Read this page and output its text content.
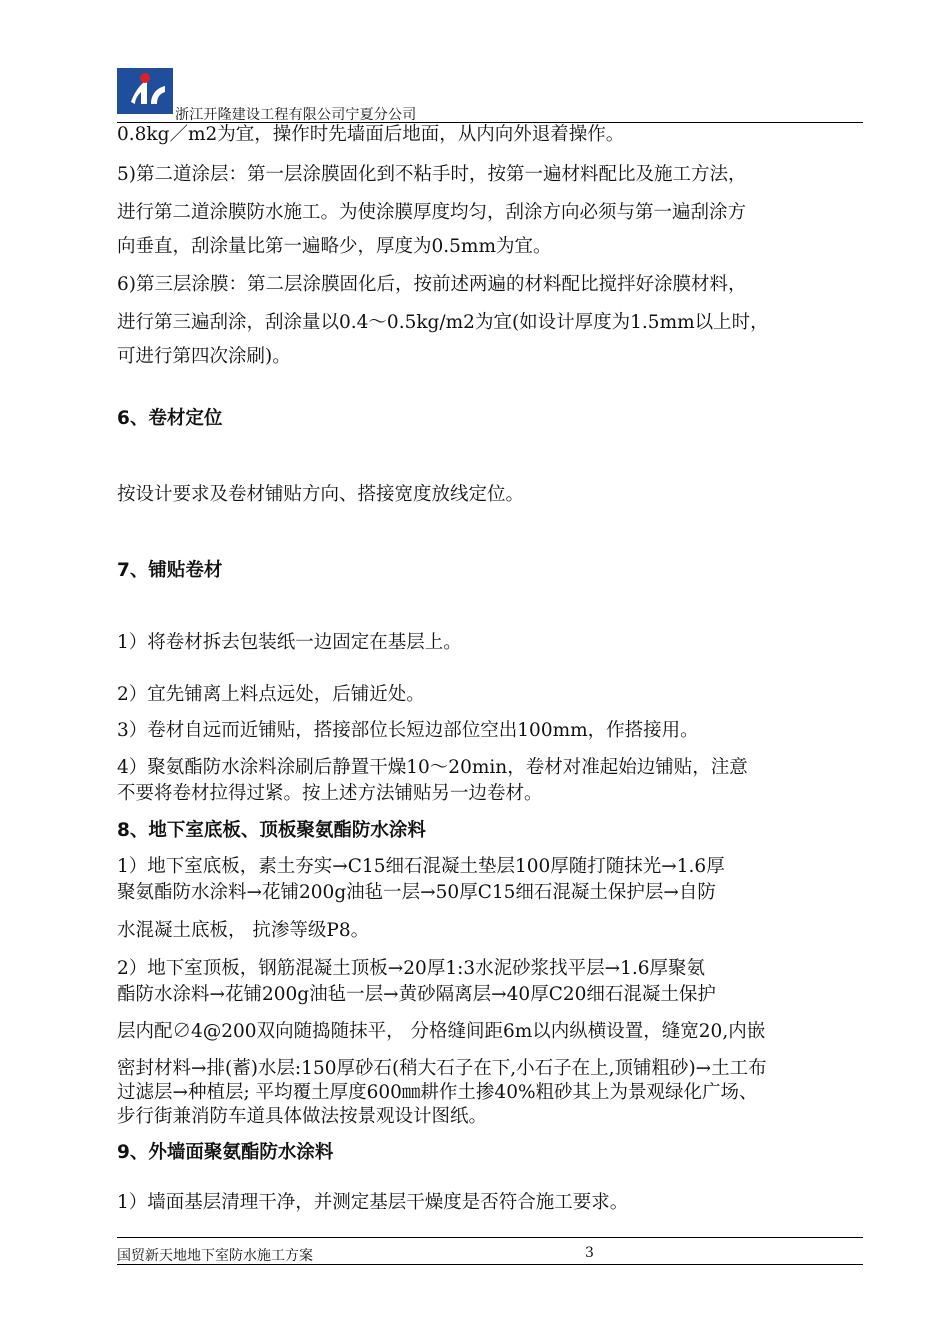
浙江开隆建设工程有限公司宁夏分公司
0.8kg／m2为宜，操作时先墙面后地面，从内向外退着操作。
5)第二道涂层：第一层涂膜固化到不粘手时，按第一遍材料配比及施工方法，
进行第二道涂膜防水施工。为使涂膜厚度均匀，刮涂方向必须与第一遍刮涂方
向垂直，刮涂量比第一遍略少，厚度为0.5mm为宜。
6)第三层涂膜：第二层涂膜固化后，按前述两遍的材料配比搅拌好涂膜材料，
进行第三遍刮涂，刮涂量以0.4～0.5kg/m2为宜(如设计厚度为1.5mm以上时，
可进行第四次涂刷)。
6、卷材定位
按设计要求及卷材铺贴方向、搭接宽度放线定位。
7、铺贴卷材
1）将卷材拆去包装纸一边固定在基层上。
2）宜先铺离上料点远处，后铺近处。
3）卷材自远而近铺贴，搭接部位长短边部位空出100mm，作搭接用。
4）聚氨酯防水涂料涂刷后静置干燥10～20min，卷材对准起始边铺贴，注意
不要将卷材拉得过紧。按上述方法铺贴另一边卷材。
8、地下室底板、顶板聚氨酯防水涂料
1）地下室底板，素土夯实→C15细石混凝土垫层100厚随打随抹光→1.6厚
聚氨酯防水涂料→花铺200g油毡一层→50厚C15细石混凝土保护层→自防
水混凝土底板， 抗渗等级P8。
2）地下室顶板，钢筋混凝土顶板→20厚1:3水泥砂浆找平层→1.6厚聚氨
酯防水涂料→花铺200g油毡一层→黄砂隔离层→40厚C20细石混凝土保护
层内配∅4@200双向随捣随抹平， 分格缝间距6m以内纵横设置，缝宽20,内嵌
密封材料→排(蓄)水层:150厚砂石(稍大石子在下,小石子在上,顶铺粗砂)→土工布
过滤层→种植层; 平均覆土厚度600㎜耕作土掺40%粗砂其上为景观绿化广场、
步行街兼消防车道具体做法按景观设计图纸。
9、外墙面聚氨酯防水涂料
1）墙面基层清理干净，并测定基层干燥度是否符合施工要求。
国贸新天地地下室防水施工方案	3
